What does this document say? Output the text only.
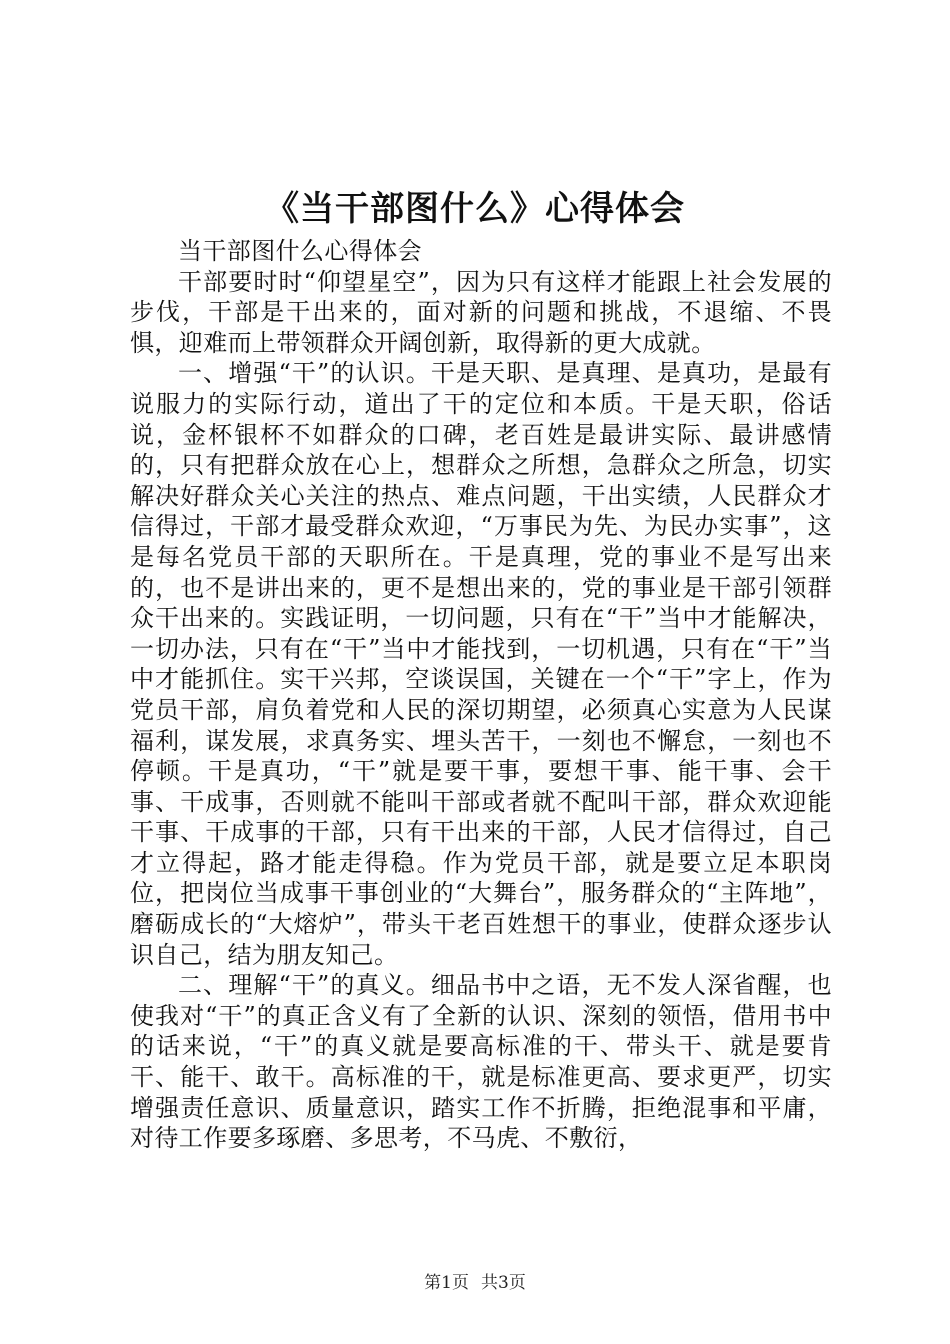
《当干部图什么》心得体会

当干部图什么心得体会

干部要时时“仰望星空”，因为只有这样才能跟上社会发展的步伐，干部是干出来的，面对新的问题和挑战，不退缩、不畏惧，迎难而上带领群众开阔创新，取得新的更大成就。

一、增强“干”的认识。干是天职、是真理、是真功，是最有说服力的实际行动，道出了干的定位和本质。干是天职，俗话说，金杯银杯不如群众的口碑，老百姓是最讲实际、最讲感情的，只有把群众放在心上，想群众之所想，急群众之所急，切实解决好群众关心关注的热点、难点问题，干出实绩，人民群众才信得过，干部才最受群众欢迎，“万事民为先、为民办实事”，这是每名党员干部的天职所在。干是真理，党的事业不是写出来的，也不是讲出来的，更不是想出来的，党的事业是干部引领群众干出来的。实践证明，一切问题，只有在“干”当中才能解决，一切办法，只有在“干”当中才能找到，一切机遇，只有在“干”当中才能抓住。实干兴邦，空谈误国，关键在一个“干”字上，作为党员干部，肩负着党和人民的深切期望，必须真心实意为人民谋福利，谋发展，求真务实、埋头苦干，一刻也不懈怠，一刻也不停顿。干是真功，“干”就是要干事，要想干事、能干事、会干事、干成事，否则就不能叫干部或者就不配叫干部，群众欢迎能干事、干成事的干部，只有干出来的干部，人民才信得过，自己才立得起，路才能走得稳。作为党员干部，就是要立足本职岗位，把岗位当成事干事创业的“大舞台”，服务群众的“主阵地”，磨砺成长的“大熔炉”，带头干老百姓想干的事业，使群众逐步认识自己，结为朋友知己。

二、理解“干”的真义。细品书中之语，无不发人深省醒，也使我对“干”的真正含义有了全新的认识、深刻的领悟，借用书中的话来说，“干”的真义就是要高标准的干、带头干、就是要肯干、能干、敢干。高标准的干，就是标准更高、要求更严，切实增强责任意识、质量意识，踏实工作不折腾，拒绝混事和平庸，对待工作要多琢磨、多思考，不马虎、不敷衍，

第1页 共3页
